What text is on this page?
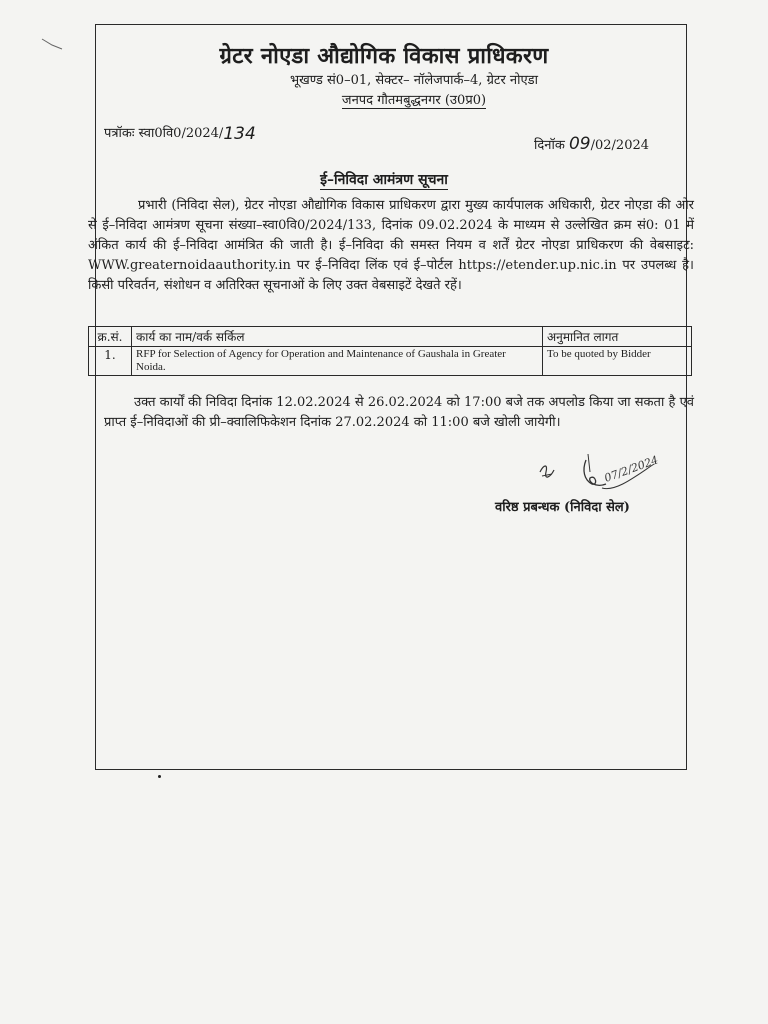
ग्रेटर नोएडा औद्योगिक विकास प्राधिकरण
भूखण्ड सं0–01, सेक्टर– नॉलेजपार्क–4, ग्रेटर नोएडा
जनपद गौतमबुद्धनगर (उ0प्र0)
पत्रॉकः स्वा0वि0/2024/134
दिनॉक 09/02/2024
ई–निविदा आमंत्रण सूचना
प्रभारी (निविदा सेल), ग्रेटर नोएडा औद्योगिक विकास प्राधिकरण द्वारा मुख्य कार्यपालक अधिकारी, ग्रेटर नोएडा की ओर से ई–निविदा आमंत्रण सूचना संख्या–स्वा0वि0/2024/133, दिनांक 09.02.2024 के माध्यम से उल्लेखित क्रम सं0: 01 में अंकित कार्य की ई–निविदा आमंत्रित की जाती है। ई–निविदा की समस्त नियम व शर्तें ग्रेटर नोएडा प्राधिकरण की वेबसाइट: WWW.greaternoidaauthority.in पर ई–निविदा लिंक एवं ई–पोर्टल https://etender.up.nic.in पर उपलब्ध है। किसी परिवर्तन, संशोधन व अतिरिक्त सूचनाओं के लिए उक्त वेबसाइटें देखते रहें।
क्र.सं.	कार्य का नाम/वर्क सर्किल	अनुमानित लागत
1.	RFP for Selection of Agency for Operation and Maintenance of Gaushala in Greater Noida.	To be quoted by Bidder
उक्त कार्यों की निविदा दिनांक 12.02.2024 से 26.02.2024 को 17:00 बजे तक अपलोड किया जा सकता है एवं प्राप्त ई–निविदाओं की प्री–क्वालिफिकेशन दिनांक 27.02.2024 को 11:00 बजे खोली जायेगी।
07/2/2024
वरिष्ठ प्रबन्धक (निविदा सेल)
